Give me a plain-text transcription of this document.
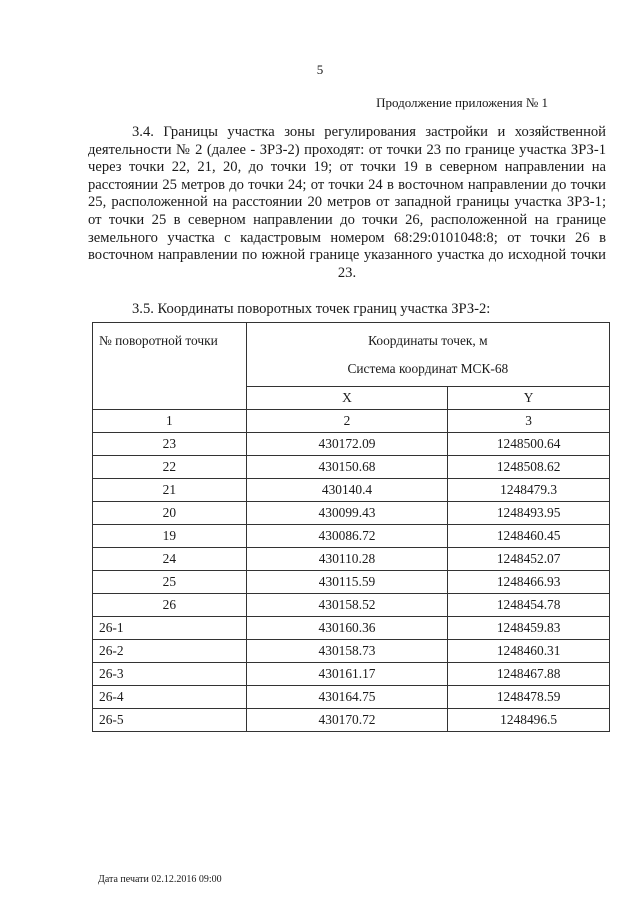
5
Продолжение приложения № 1

3.4. Границы участка зоны регулирования застройки и хозяйственной деятельности № 2 (далее - ЗРЗ-2) проходят: от точки 23 по границе участка ЗРЗ-1 через точки 22, 21, 20, до точки 19; от точки 19 в северном направлении на расстоянии 25 метров до точки 24; от точки 24 в восточном направлении до точки 25, расположенной на расстоянии 20 метров от западной границы участка ЗРЗ-1; от точки 25 в северном направлении до точки 26, расположенной на границе земельного участка с кадастровым номером 68:29:0101048:8; от точки 26 в восточном направлении по южной границе указанного участка до исходной точки 23.

3.5. Координаты поворотных точек границ участка ЗРЗ-2:
№ поворотной точки	Координаты точек, м
Система координат МСК-68	

	X	Y
1	2	3
23	430172.09	1248500.64
22	430150.68	1248508.62
21	430140.4	1248479.3
20	430099.43	1248493.95
19	430086.72	1248460.45
24	430110.28	1248452.07
25	430115.59	1248466.93
26	430158.52	1248454.78
26-1	430160.36	1248459.83
26-2	430158.73	1248460.31
26-3	430161.17	1248467.88
26-4	430164.75	1248478.59
26-5	430170.72	1248496.5
Дата печати 02.12.2016 09:00
